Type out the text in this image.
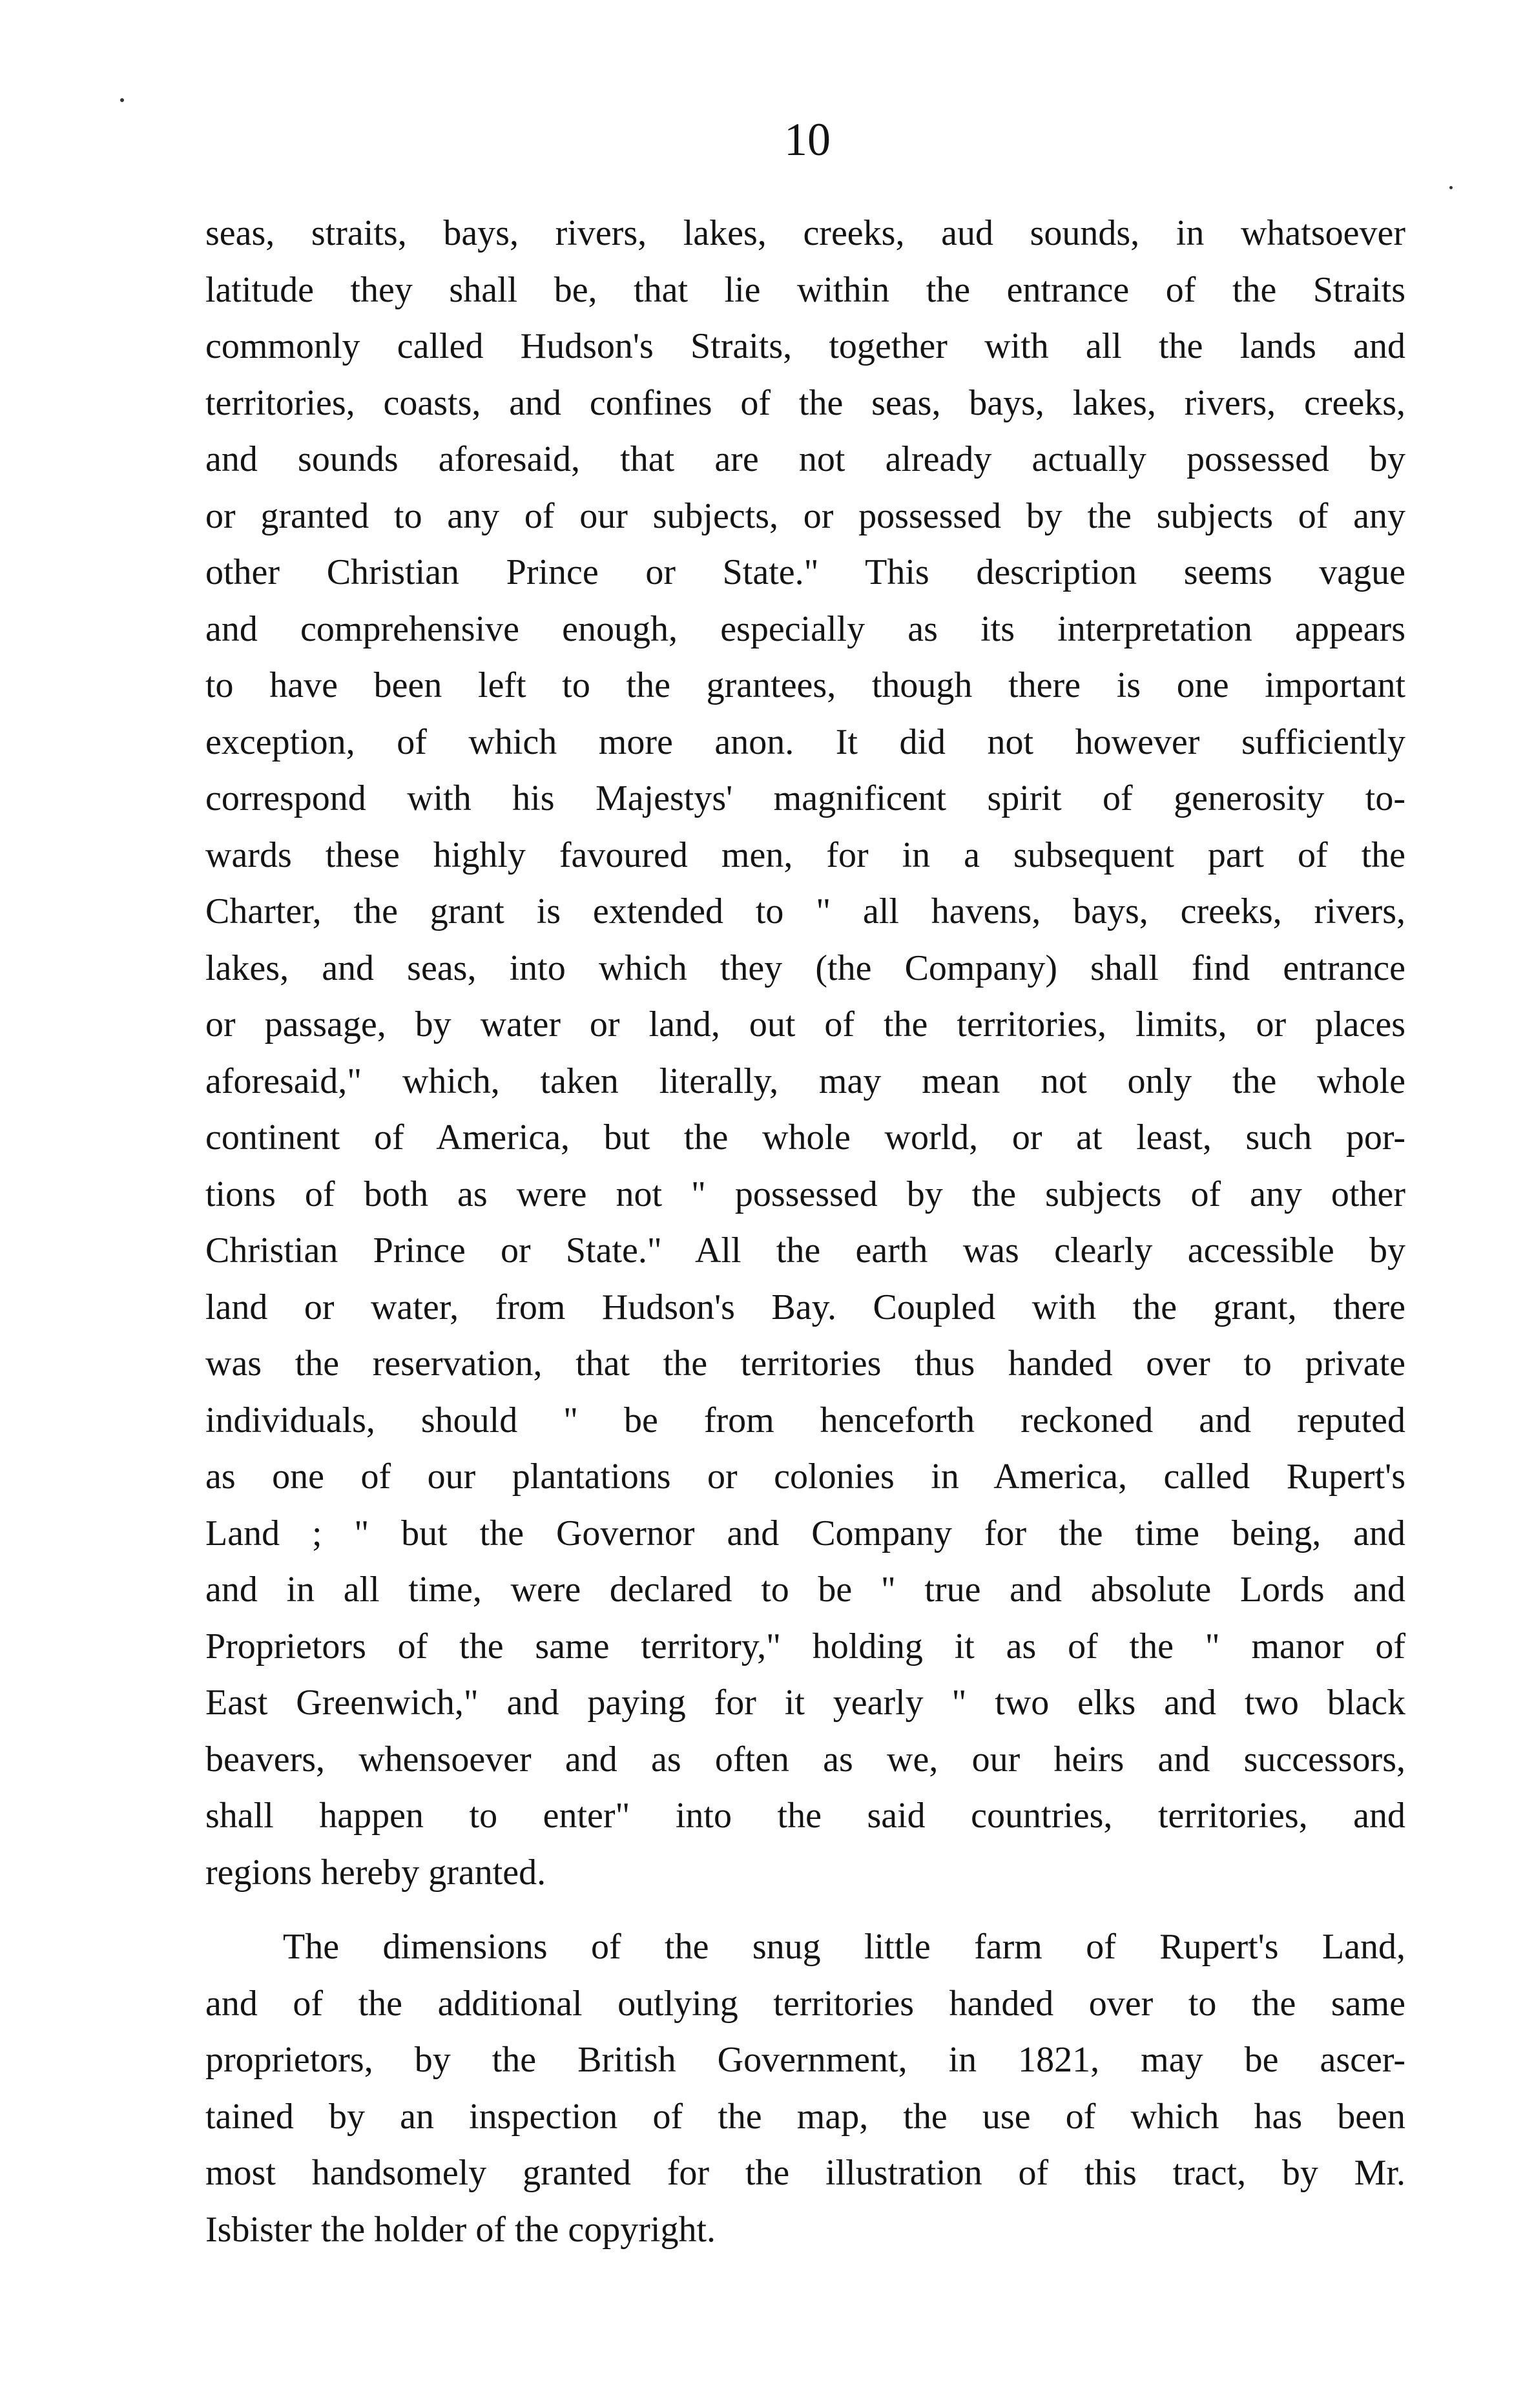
10
seas, straits, bays, rivers, lakes, creeks, aud sounds, in whatsoever
latitude they shall be, that lie within the entrance of the Straits
commonly called Hudson's Straits, together with all the lands and
territories, coasts, and confines of the seas, bays, lakes, rivers, creeks,
and sounds aforesaid, that are not already actually possessed by
or granted to any of our subjects, or possessed by the subjects of any
other Christian Prince or State." This description seems vague
and comprehensive enough, especially as its interpretation appears
to have been left to the grantees, though there is one important
exception, of which more anon. It did not however sufficiently
correspond with his Majestys' magnificent spirit of generosity to-
wards these highly favoured men, for in a subsequent part of the
Charter, the grant is extended to " all havens, bays, creeks, rivers,
lakes, and seas, into which they (the Company) shall find entrance
or passage, by water or land, out of the territories, limits, or places
aforesaid," which, taken literally, may mean not only the whole
continent of America, but the whole world, or at least, such por-
tions of both as were not " possessed by the subjects of any other
Christian Prince or State." All the earth was clearly accessible by
land or water, from Hudson's Bay. Coupled with the grant, there
was the reservation, that the territories thus handed over to private
individuals, should " be from henceforth reckoned and reputed
as one of our plantations or colonies in America, called Rupert's
Land ; " but the Governor and Company for the time being, and
and in all time, were declared to be " true and absolute Lords and
Proprietors of the same territory," holding it as of the " manor of
East Greenwich," and paying for it yearly " two elks and two black
beavers, whensoever and as often as we, our heirs and successors,
shall happen to enter" into the said countries, territories, and
regions hereby granted.
The dimensions of the snug little farm of Rupert's Land,
and of the additional outlying territories handed over to the same
proprietors, by the British Government, in 1821, may be ascer-
tained by an inspection of the map, the use of which has been
most handsomely granted for the illustration of this tract, by Mr.
Isbister the holder of the copyright.
